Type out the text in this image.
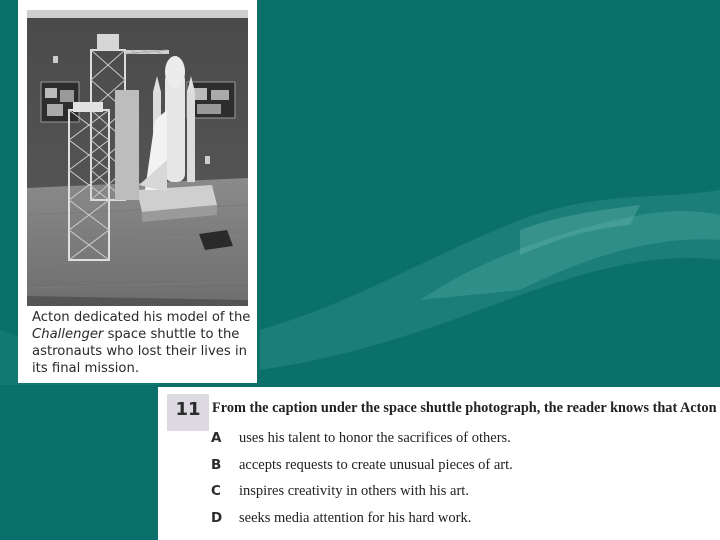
Acton dedicated his model of the
Challenger space shuttle to the
astronauts who lost their lives in
its final mission.
11 From the caption under the space shuttle photograph, the reader knows that Acton
A uses his talent to honor the sacrifices of others.
B accepts requests to create unusual pieces of art.
C inspires creativity in others with his art.
D seeks media attention for his hard work.
